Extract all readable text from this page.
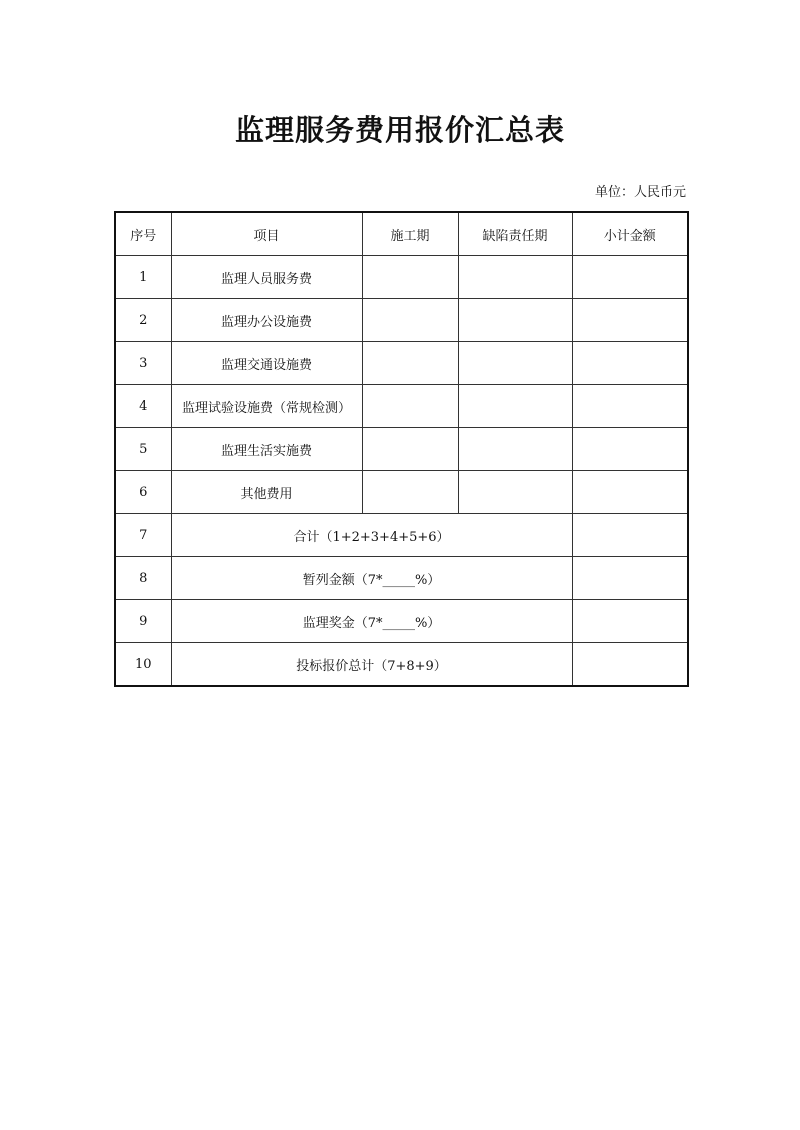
监理服务费用报价汇总表
单位：人民币元
序号	项目	施工期	缺陷责任期	小计金额
1	监理人员服务费			
2	监理办公设施费			
3	监理交通设施费			
4	监理试验设施费（常规检测）			
5	监理生活实施费			
6	其他费用			
7	合计（1+2+3+4+5+6）			
8	暂列金额（7*_____%）			
9	监理奖金（7*_____%）			
10	投标报价总计（7+8+9）			
